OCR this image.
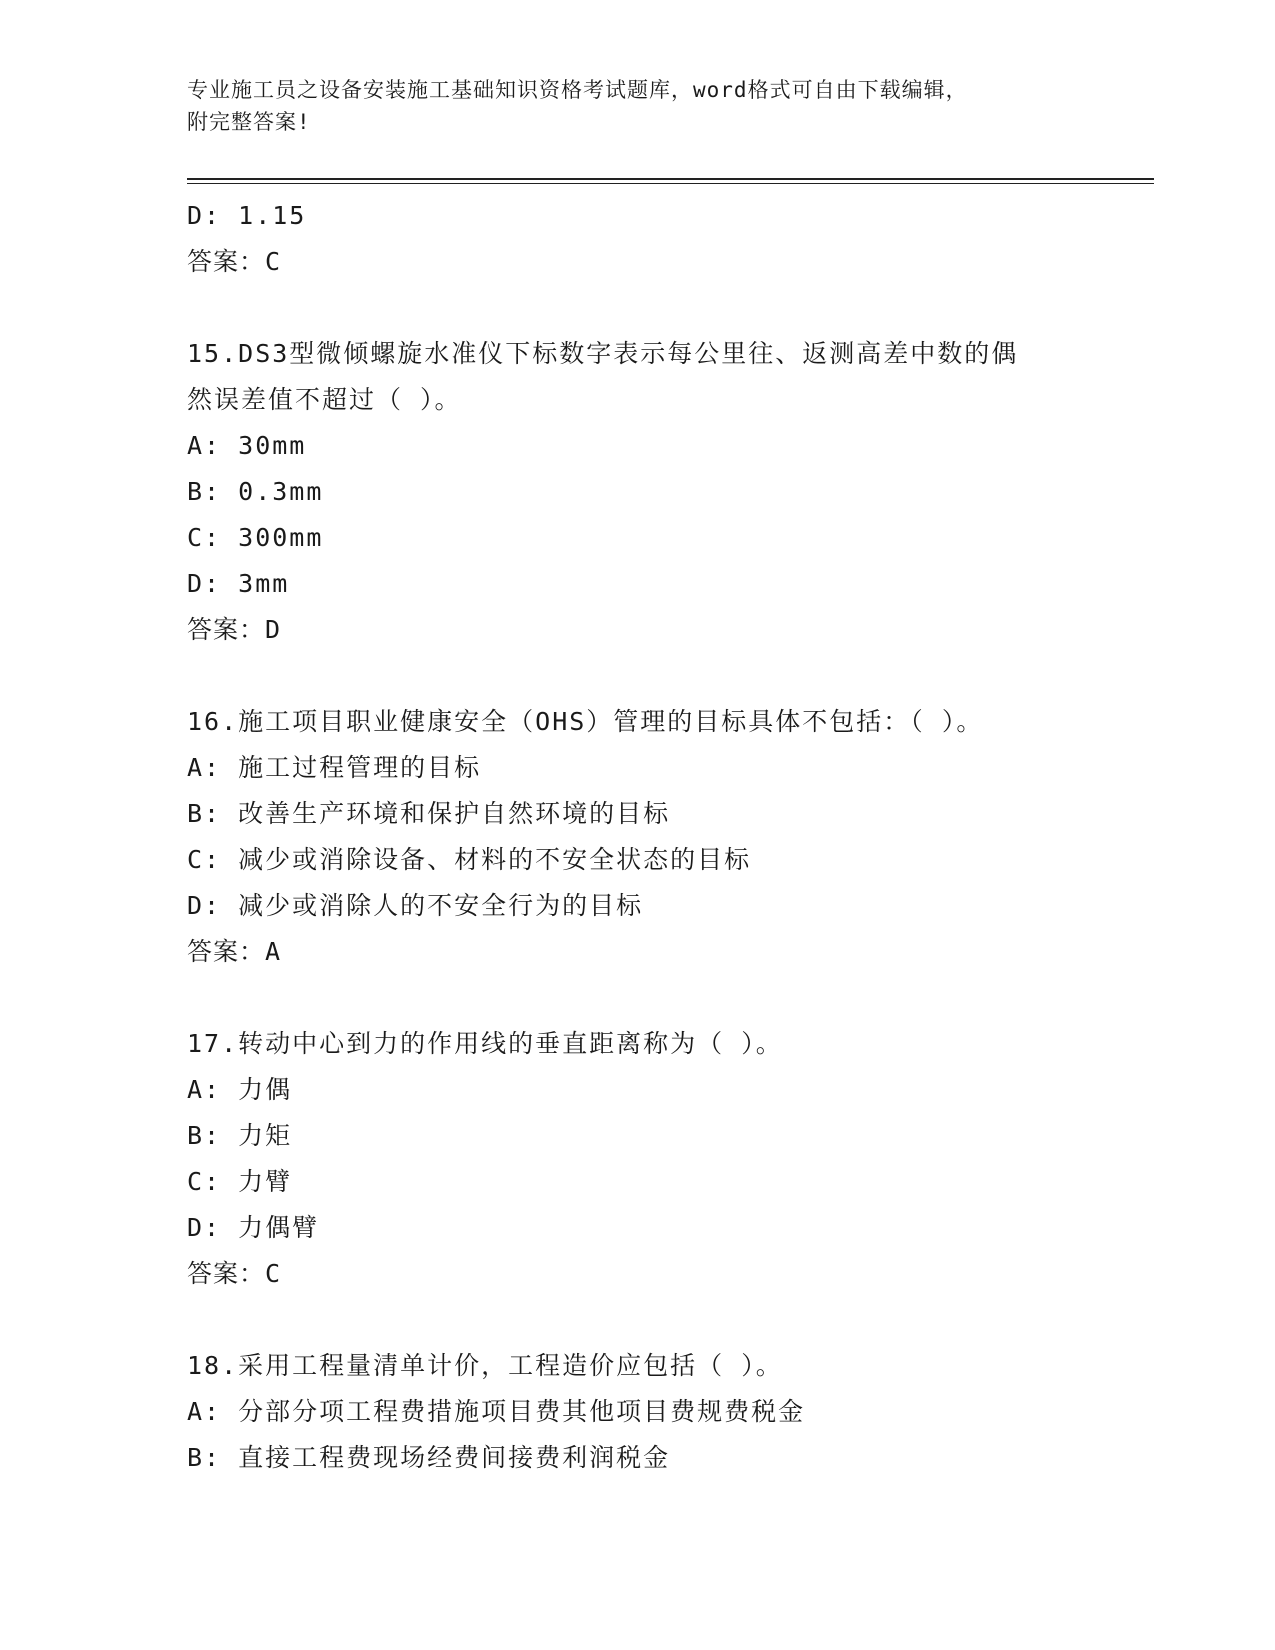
专业施工员之设备安装施工基础知识资格考试题库，word格式可自由下载编辑，
附完整答案!
D: 1.15
答案：C
15.DS3型微倾螺旋水准仪下标数字表示每公里往、返测高差中数的偶
然误差值不超过（ ）。
A: 30mm
B: 0.3mm
C: 300mm
D: 3mm
答案：D
16.施工项目职业健康安全（OHS）管理的目标具体不包括：（ ）。
A: 施工过程管理的目标
B: 改善生产环境和保护自然环境的目标
C: 减少或消除设备、材料的不安全状态的目标
D: 减少或消除人的不安全行为的目标
答案：A
17.转动中心到力的作用线的垂直距离称为（ ）。
A: 力偶
B: 力矩
C: 力臂
D: 力偶臂
答案：C
18.采用工程量清单计价，工程造价应包括（ ）。
A: 分部分项工程费措施项目费其他项目费规费税金
B: 直接工程费现场经费间接费利润税金
